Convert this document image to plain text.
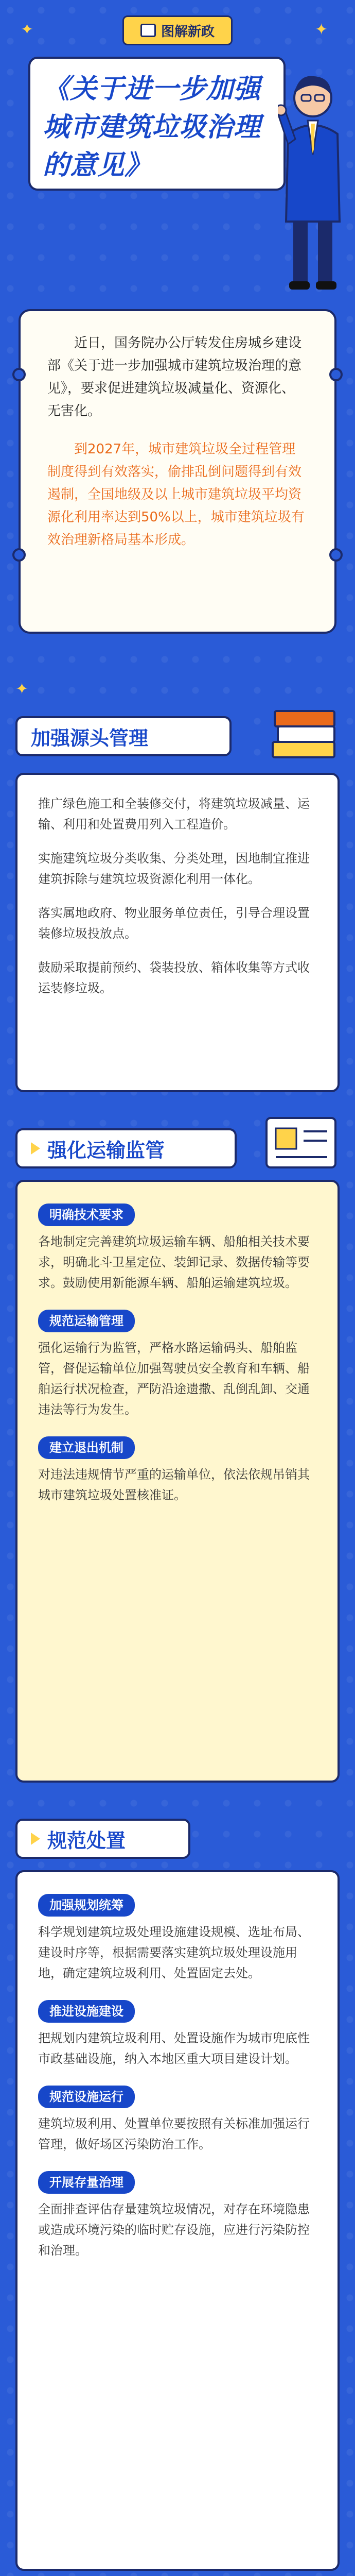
✦	✦
✦
图解新政
《关于进一步加强城市建筑垃圾治理的意见》

近日，国务院办公厅转发住房城乡建设部《关于进一步加强城市建筑垃圾治理的意见》，要求促进建筑垃圾减量化、资源化、无害化。

到2027年，城市建筑垃圾全过程管理制度得到有效落实，偷排乱倒问题得到有效遏制，全国地级及以上城市建筑垃圾平均资源化利用率达到50%以上，城市建筑垃圾有效治理新格局基本形成。

加强源头管理

推广绿色施工和全装修交付，将建筑垃圾减量、运输、利用和处置费用列入工程造价。

实施建筑垃圾分类收集、分类处理，因地制宜推进建筑拆除与建筑垃圾资源化利用一体化。

落实属地政府、物业服务单位责任，引导合理设置装修垃圾投放点。

鼓励采取提前预约、袋装投放、箱体收集等方式收运装修垃圾。

强化运输监管
明确技术要求

各地制定完善建筑垃圾运输车辆、船舶相关技术要求，明确北斗卫星定位、装卸记录、数据传输等要求。鼓励使用新能源车辆、船舶运输建筑垃圾。

规范运输管理

强化运输行为监管，严格水路运输码头、船舶监管，督促运输单位加强驾驶员安全教育和车辆、船舶运行状况检查，严防沿途遗撒、乱倒乱卸、交通违法等行为发生。

建立退出机制

对违法违规情节严重的运输单位，依法依规吊销其城市建筑垃圾处置核准证。

规范处置
加强规划统筹

科学规划建筑垃圾处理设施建设规模、选址布局、建设时序等，根据需要落实建筑垃圾处理设施用地，确定建筑垃圾利用、处置固定去处。

推进设施建设

把规划内建筑垃圾利用、处置设施作为城市兜底性市政基础设施，纳入本地区重大项目建设计划。

规范设施运行

建筑垃圾利用、处置单位要按照有关标准加强运行管理，做好场区污染防治工作。

开展存量治理

全面排查评估存量建筑垃圾情况，对存在环境隐患或造成环境污染的临时贮存设施，应进行污染防控和治理。
